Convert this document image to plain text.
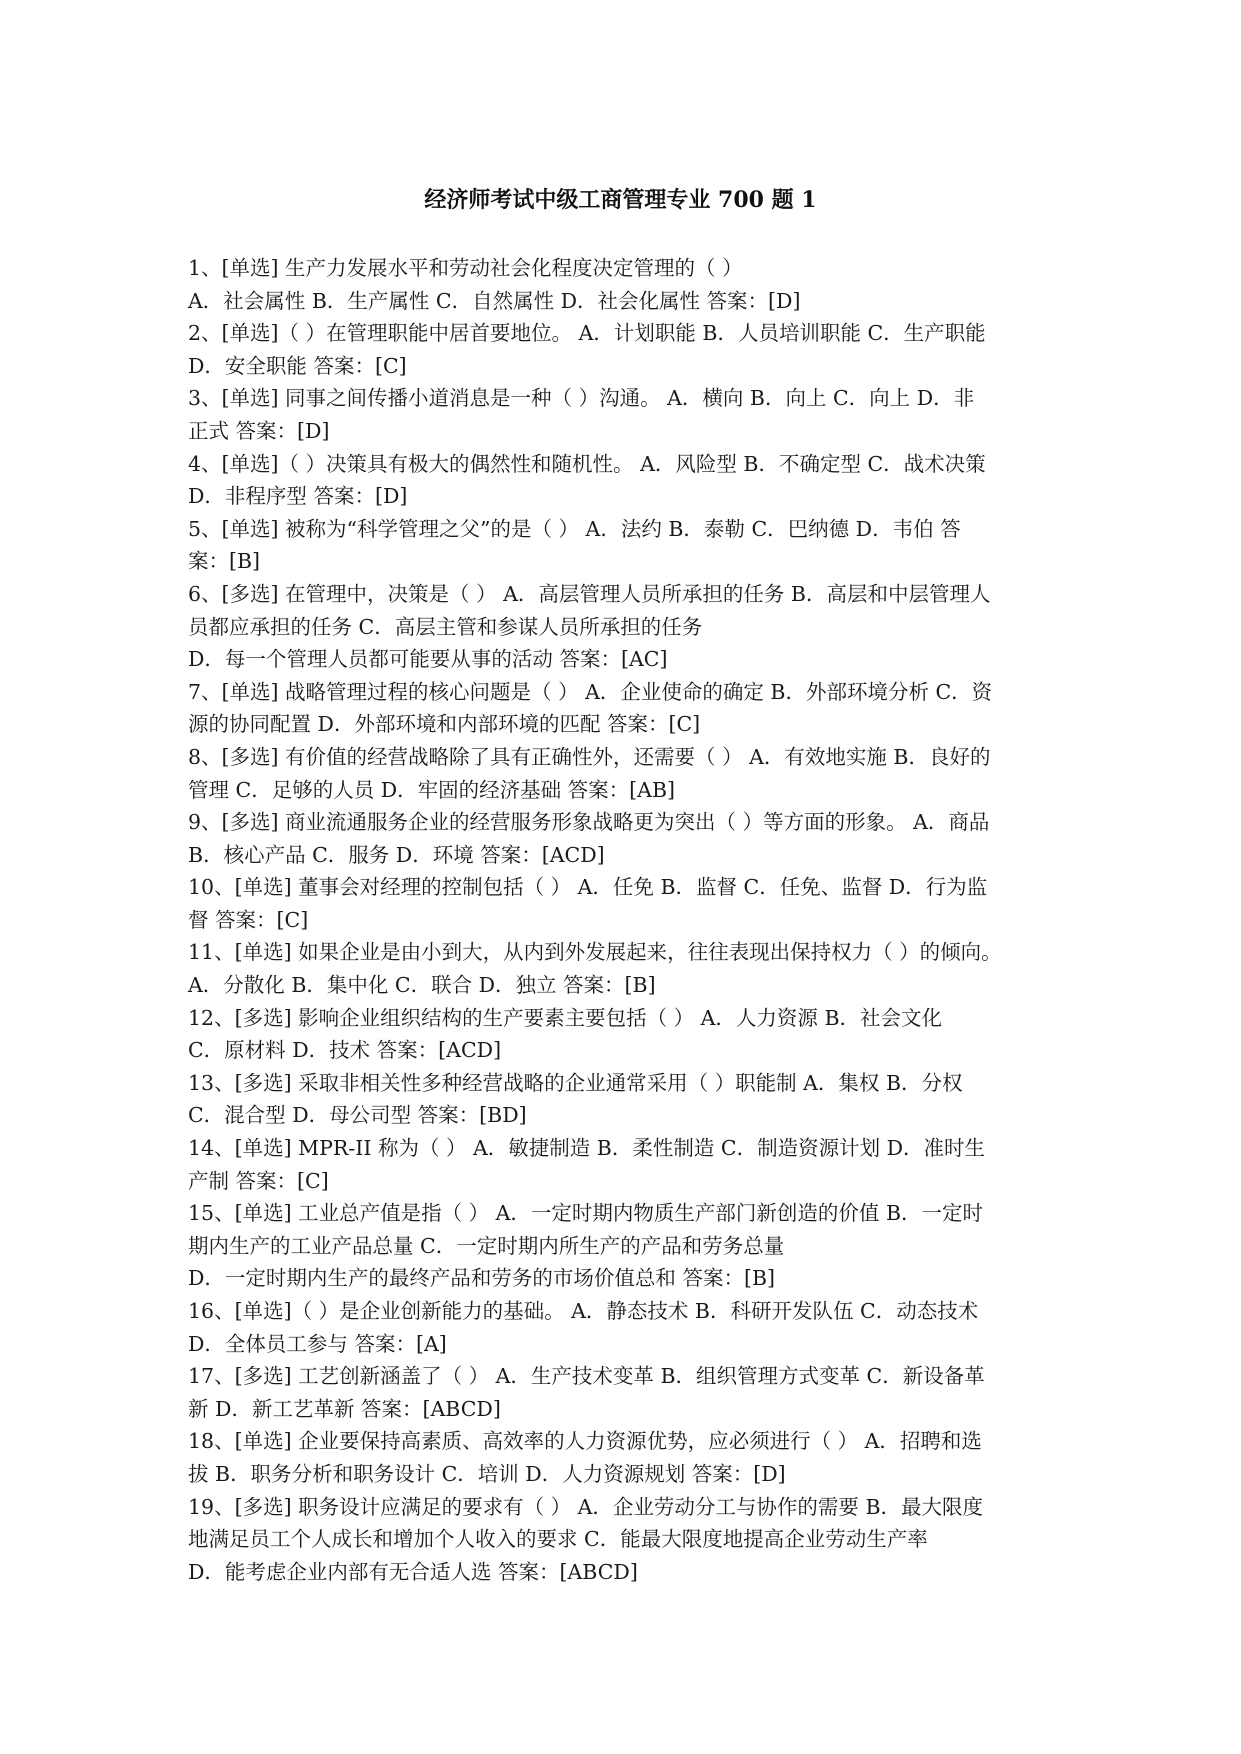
经济师考试中级工商管理专业 700 题 1
1、[单选] 生产力发展水平和劳动社会化程度决定管理的（ ）
A．社会属性 B．生产属性 C．自然属性 D．社会化属性 答案：[D]
2、[单选]（ ）在管理职能中居首要地位。 A．计划职能 B．人员培训职能 C．生产职能
D．安全职能 答案：[C]
3、[单选] 同事之间传播小道消息是一种（ ）沟通。 A．横向 B．向上 C．向上 D．非
正式 答案：[D]
4、[单选]（ ）决策具有极大的偶然性和随机性。 A．风险型 B．不确定型 C．战术决策
D．非程序型 答案：[D]
5、[单选] 被称为“科学管理之父”的是（ ） A．法约 B．泰勒 C．巴纳德 D．韦伯 答
案：[B]
6、[多选] 在管理中，决策是（ ） A．高层管理人员所承担的任务 B．高层和中层管理人
员都应承担的任务 C．高层主管和参谋人员所承担的任务
D．每一个管理人员都可能要从事的活动 答案：[AC]
7、[单选] 战略管理过程的核心问题是（ ） A．企业使命的确定 B．外部环境分析 C．资
源的协同配置 D．外部环境和内部环境的匹配 答案：[C]
8、[多选] 有价值的经营战略除了具有正确性外，还需要（ ） A．有效地实施 B．良好的
管理 C．足够的人员 D．牢固的经济基础 答案：[AB]
9、[多选] 商业流通服务企业的经营服务形象战略更为突出（ ）等方面的形象。 A．商品
B．核心产品 C．服务 D．环境 答案：[ACD]
10、[单选] 董事会对经理的控制包括（ ） A．任免 B．监督 C．任免、监督 D．行为监
督 答案：[C]
11、[单选] 如果企业是由小到大，从内到外发展起来，往往表现出保持权力（ ）的倾向。
A．分散化 B．集中化 C．联合 D．独立 答案：[B]
12、[多选] 影响企业组织结构的生产要素主要包括（ ） A．人力资源 B．社会文化
C．原材料 D．技术 答案：[ACD]
13、[多选] 采取非相关性多种经营战略的企业通常采用（ ）职能制 A．集权 B．分权
C．混合型 D．母公司型 答案：[BD]
14、[单选] MPR-II 称为（ ） A．敏捷制造 B．柔性制造 C．制造资源计划 D．准时生
产制 答案：[C]
15、[单选] 工业总产值是指（ ） A．一定时期内物质生产部门新创造的价值 B．一定时
期内生产的工业产品总量 C．一定时期内所生产的产品和劳务总量
D．一定时期内生产的最终产品和劳务的市场价值总和 答案：[B]
16、[单选]（ ）是企业创新能力的基础。 A．静态技术 B．科研开发队伍 C．动态技术
D．全体员工参与 答案：[A]
17、[多选] 工艺创新涵盖了（ ） A．生产技术变革 B．组织管理方式变革 C．新设备革
新 D．新工艺革新 答案：[ABCD]
18、[单选] 企业要保持高素质、高效率的人力资源优势，应必须进行（ ） A．招聘和选
拔 B．职务分析和职务设计 C．培训 D．人力资源规划 答案：[D]
19、[多选] 职务设计应满足的要求有（ ） A．企业劳动分工与协作的需要 B．最大限度
地满足员工个人成长和增加个人收入的要求 C．能最大限度地提高企业劳动生产率
D．能考虑企业内部有无合适人选 答案：[ABCD]
